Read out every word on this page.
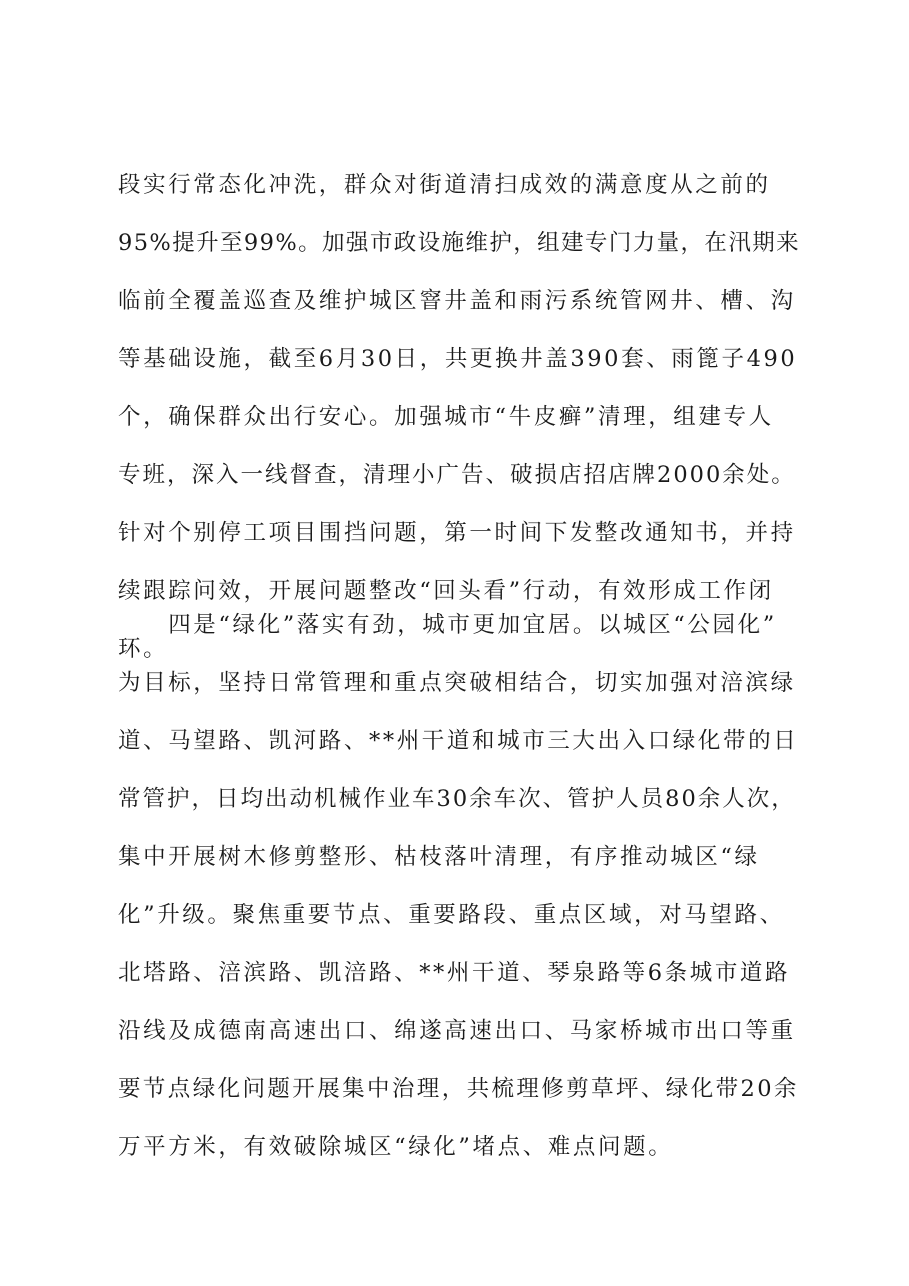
段实行常态化冲洗，群众对街道清扫成效的满意度从之前的
95%提升至99%。加强市政设施维护，组建专门力量，在汛期来
临前全覆盖巡查及维护城区窨井盖和雨污系统管网井、槽、沟
等基础设施，截至6月30日，共更换井盖390套、雨篦子490
个，确保群众出行安心。加强城市“牛皮癣”清理，组建专人
专班，深入一线督查，清理小广告、破损店招店牌2000余处。
针对个别停工项目围挡问题，第一时间下发整改通知书，并持
续跟踪问效，开展问题整改“回头看”行动，有效形成工作闭
环。
　　四是“绿化”落实有劲，城市更加宜居。以城区“公园化”
为目标，坚持日常管理和重点突破相结合，切实加强对涪滨绿
道、马望路、凯河路、**州干道和城市三大出入口绿化带的日
常管护，日均出动机械作业车30余车次、管护人员80余人次，
集中开展树木修剪整形、枯枝落叶清理，有序推动城区“绿
化”升级。聚焦重要节点、重要路段、重点区域，对马望路、
北塔路、涪滨路、凯涪路、**州干道、琴泉路等6条城市道路
沿线及成德南高速出口、绵遂高速出口、马家桥城市出口等重
要节点绿化问题开展集中治理，共梳理修剪草坪、绿化带20余
万平方米，有效破除城区“绿化”堵点、难点问题。
